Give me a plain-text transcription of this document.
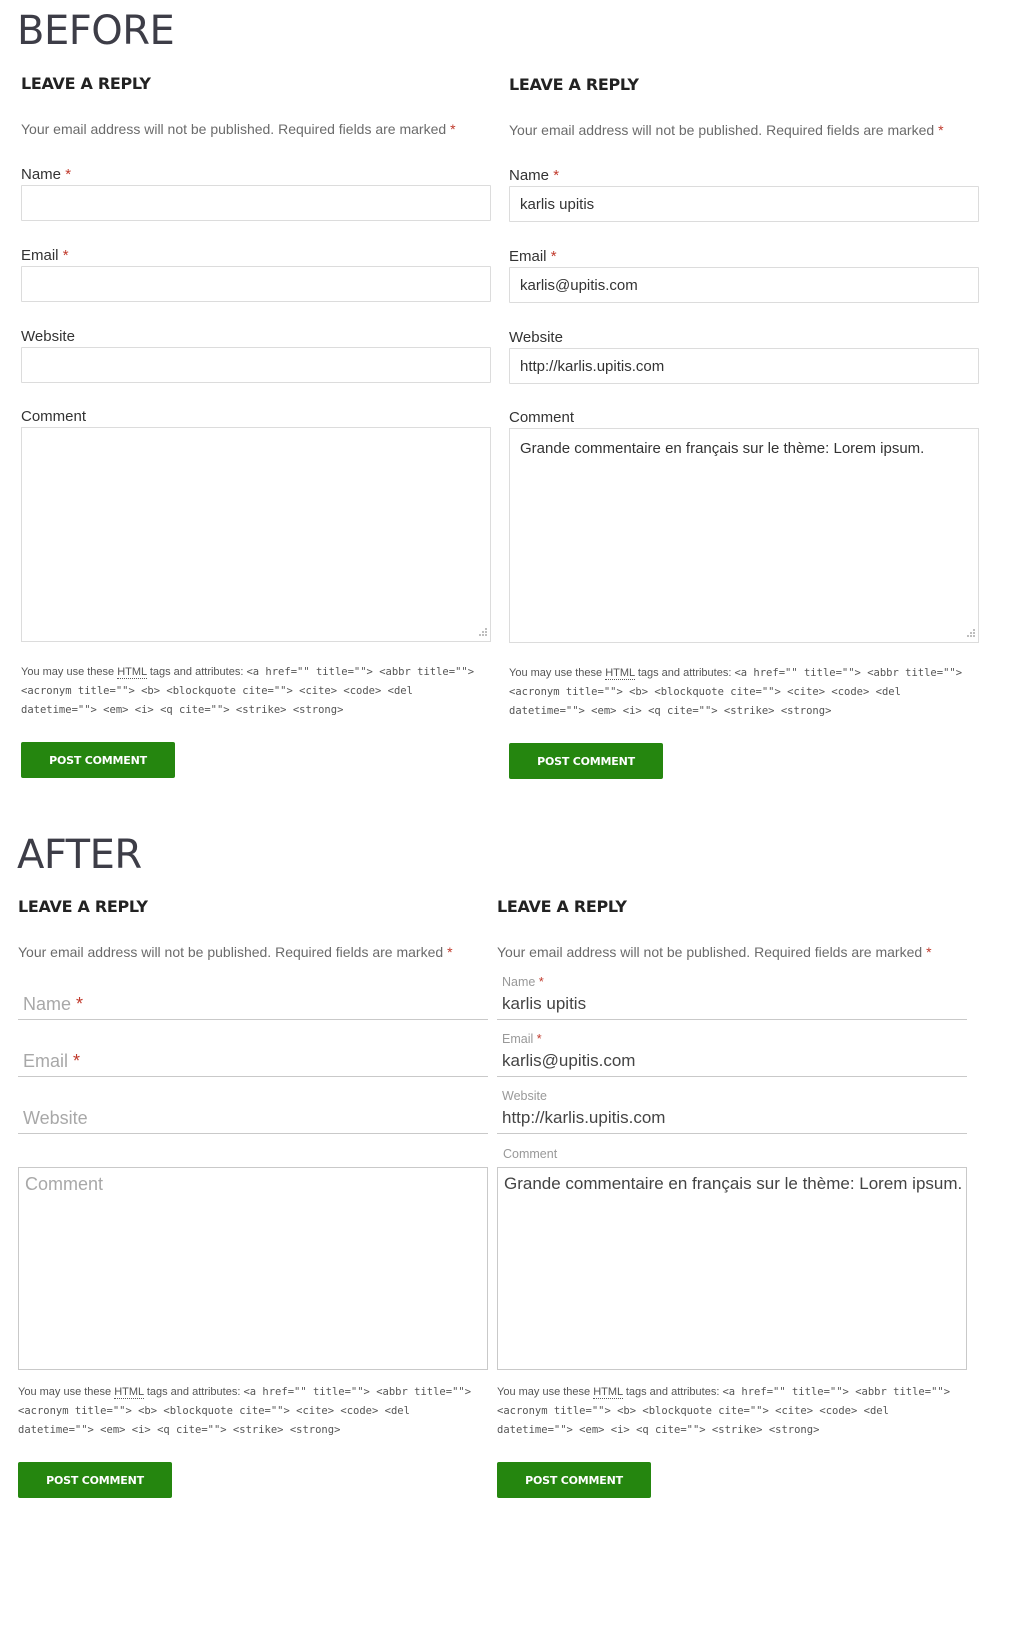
BEFORE
LEAVE A REPLY
Your email address will not be published. Required fields are marked *
Name *
Email *
Website
Comment
You may use these HTML tags and attributes: <a href="" title=""> <abbr title=""> <acronym title=""> <b> <blockquote cite=""> <cite> <code> <del datetime=""> <em> <i> <q cite=""> <strike> <strong>
POST COMMENT
LEAVE A REPLY
Your email address will not be published. Required fields are marked *
Name *
karlis upitis
Email *
karlis@upitis.com
Website
http://karlis.upitis.com
Comment
Grande commentaire en français sur le thème: Lorem ipsum.
You may use these HTML tags and attributes: <a href="" title=""> <abbr title=""> <acronym title=""> <b> <blockquote cite=""> <cite> <code> <del datetime=""> <em> <i> <q cite=""> <strike> <strong>
POST COMMENT
AFTER
LEAVE A REPLY
Your email address will not be published. Required fields are marked *
Name *
Email *
Website
Comment
You may use these HTML tags and attributes: <a href="" title=""> <abbr title=""> <acronym title=""> <b> <blockquote cite=""> <cite> <code> <del datetime=""> <em> <i> <q cite=""> <strike> <strong>
POST COMMENT
LEAVE A REPLY
Your email address will not be published. Required fields are marked *
Name *
karlis upitis
Email *
karlis@upitis.com
Website
http://karlis.upitis.com
Comment
Grande commentaire en français sur le thème: Lorem ipsum.
You may use these HTML tags and attributes: <a href="" title=""> <abbr title=""> <acronym title=""> <b> <blockquote cite=""> <cite> <code> <del datetime=""> <em> <i> <q cite=""> <strike> <strong>
POST COMMENT
